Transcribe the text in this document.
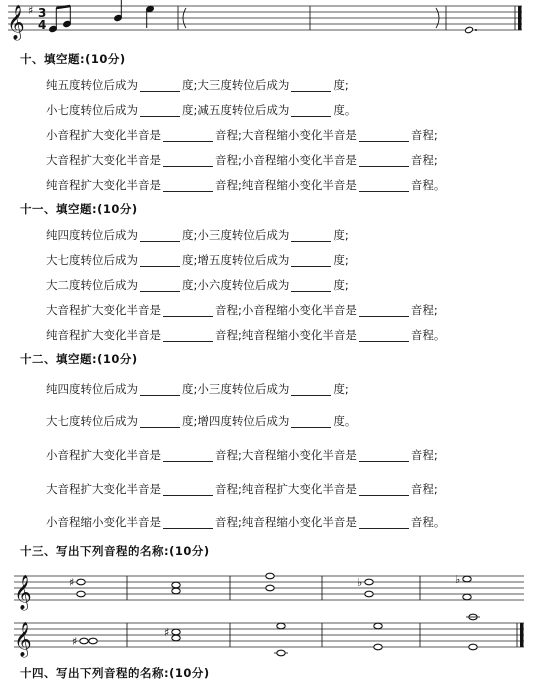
𝄞 ♯ 3
4
十、填空题:(10分)
纯五度转位后成为	度;大三度转位后成为	度;
小七度转位后成为	度;减五度转位后成为	度。
小音程扩大变化半音是	音程;大音程缩小变化半音是	音程;
大音程扩大变化半音是	音程;小音程缩小变化半音是	音程;
纯音程扩大变化半音是	音程;纯音程缩小变化半音是	音程。
十一、填空题:(10分)
纯四度转位后成为	度;小三度转位后成为	度;
大七度转位后成为	度;增五度转位后成为	度;
大二度转位后成为	度;小六度转位后成为	度;
大音程扩大变化半音是	音程;小音程缩小变化半音是	音程;
纯音程扩大变化半音是	音程;纯音程缩小变化半音是	音程。
十二、填空题:(10分)
纯四度转位后成为	度;小三度转位后成为	度;
大七度转位后成为	度;增四度转位后成为	度。
小音程扩大变化半音是	音程;大音程缩小变化半音是	音程;
大音程扩大变化半音是	音程;纯音程扩大变化半音是	音程;
小音程缩小变化半音是	音程;纯音程缩小变化半音是	音程。
十三、写出下列音程的名称:(10分)
𝄞	♯	♭	♭
𝄞	♯
♯
十四、写出下列音程的名称:(10分)
